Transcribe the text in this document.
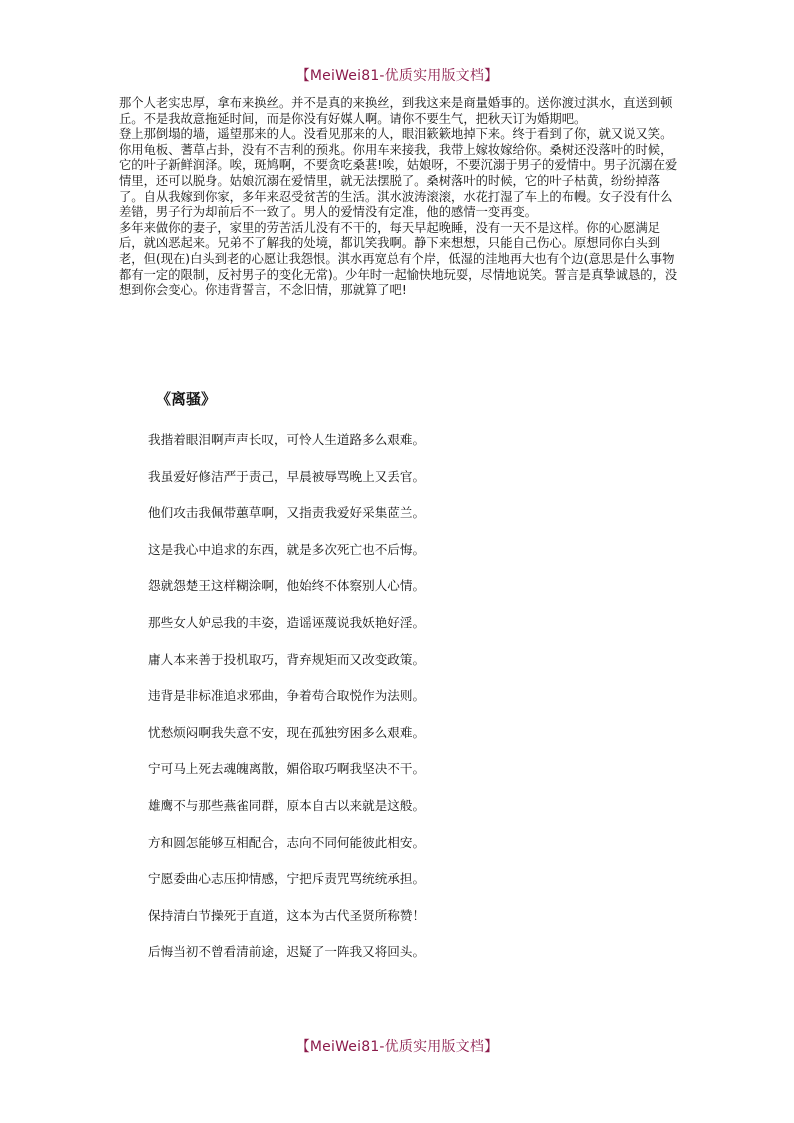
【MeiWei81-优质实用版文档】

那个人老实忠厚，拿布来换丝。并不是真的来换丝，到我这来是商量婚事的。送你渡过淇水，直送到顿丘。不是我故意拖延时间，而是你没有好媒人啊。请你不要生气，把秋天订为婚期吧。

登上那倒塌的墙，遥望那来的人。没看见那来的人，眼泪簌簌地掉下来。终于看到了你，就又说又笑。你用龟板、蓍草占卦，没有不吉利的预兆。你用车来接我，我带上嫁妆嫁给你。桑树还没落叶的时候，它的叶子新鲜润泽。唉，斑鸠啊，不要贪吃桑葚!唉，姑娘呀，不要沉溺于男子的爱情中。男子沉溺在爱情里，还可以脱身。姑娘沉溺在爱情里，就无法摆脱了。桑树落叶的时候，它的叶子枯黄，纷纷掉落了。自从我嫁到你家，多年来忍受贫苦的生活。淇水波涛滚滚，水花打湿了车上的布幔。女子没有什么差错，男子行为却前后不一致了。男人的爱情没有定准，他的感情一变再变。

多年来做你的妻子，家里的劳苦活儿没有不干的，每天早起晚睡，没有一天不是这样。你的心愿满足后，就凶恶起来。兄弟不了解我的处境，都讥笑我啊。静下来想想，只能自己伤心。原想同你白头到老，但(现在)白头到老的心愿让我怨恨。淇水再宽总有个岸，低湿的洼地再大也有个边(意思是什么事物都有一定的限制，反衬男子的变化无常)。少年时一起愉快地玩耍，尽情地说笑。誓言是真挚诚恳的，没想到你会变心。你违背誓言，不念旧情，那就算了吧!

《离骚》

我揩着眼泪啊声声长叹，可怜人生道路多么艰难。

我虽爱好修洁严于责己，早晨被辱骂晚上又丢官。

他们攻击我佩带蕙草啊，又指责我爱好采集茝兰。

这是我心中追求的东西，就是多次死亡也不后悔。

怨就怨楚王这样糊涂啊，他始终不体察别人心情。

那些女人妒忌我的丰姿，造谣诬蔑说我妖艳好淫。

庸人本来善于投机取巧，背弃规矩而又改变政策。

违背是非标准追求邪曲，争着苟合取悦作为法则。

忧愁烦闷啊我失意不安，现在孤独穷困多么艰难。

宁可马上死去魂魄离散，媚俗取巧啊我坚决不干。

雄鹰不与那些燕雀同群，原本自古以来就是这般。

方和圆怎能够互相配合，志向不同何能彼此相安。

宁愿委曲心志压抑情感，宁把斥责咒骂统统承担。

保持清白节操死于直道，这本为古代圣贤所称赞！

后悔当初不曾看清前途，迟疑了一阵我又将回头。

【MeiWei81-优质实用版文档】
